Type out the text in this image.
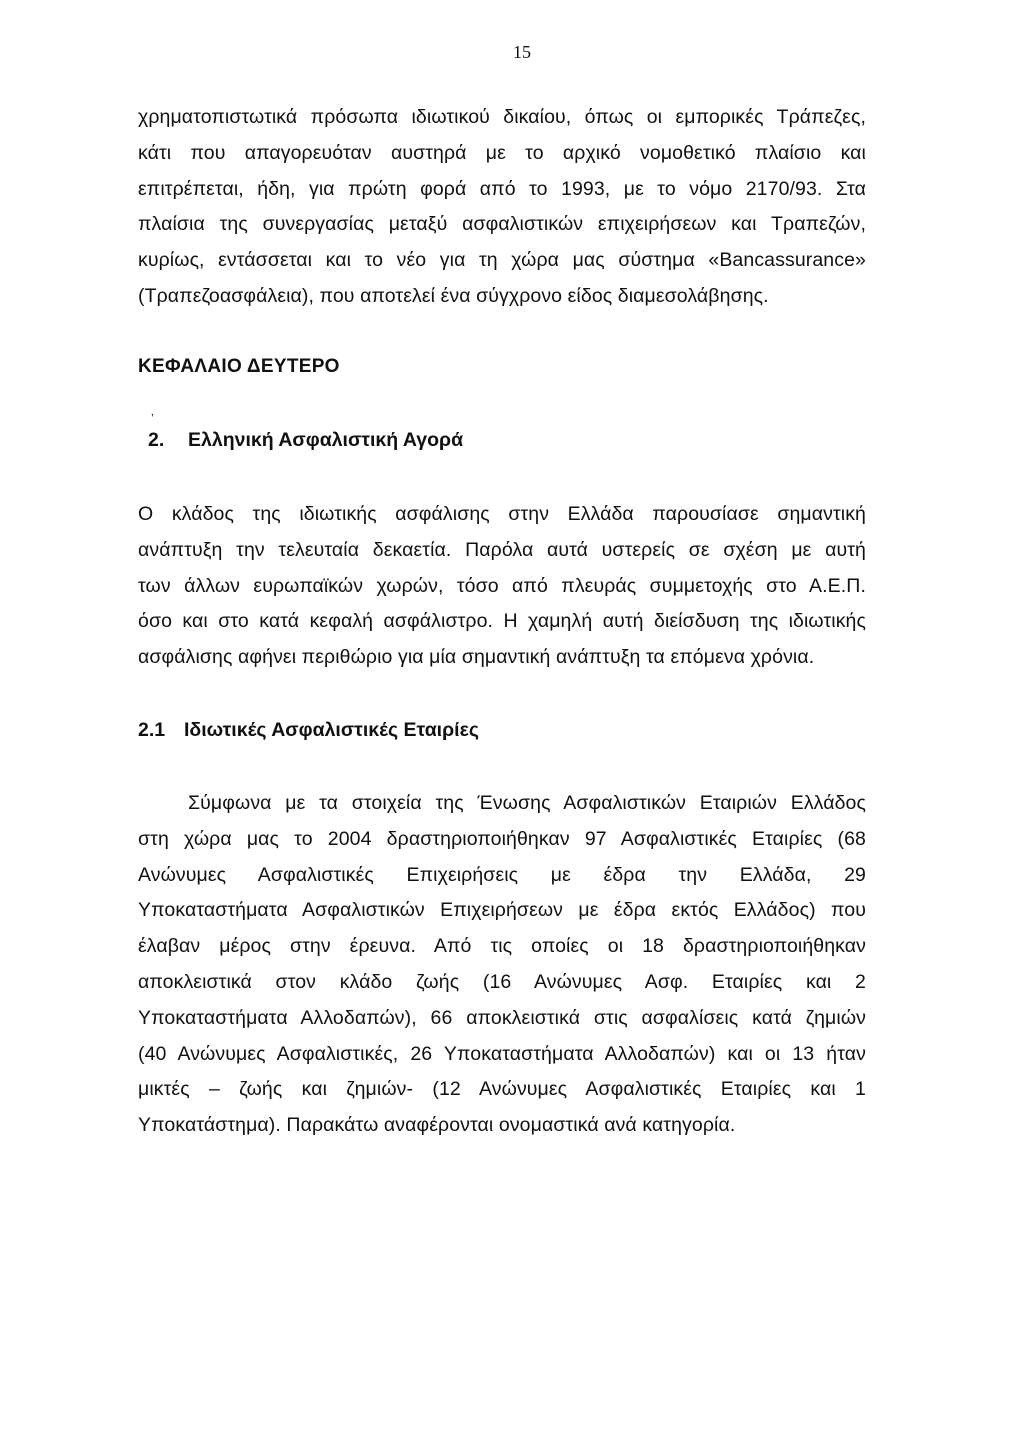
15
χρηματοπιστωτικά πρόσωπα ιδιωτικού δικαίου, όπως οι εμπορικές Τράπεζες,
κάτι που απαγορευόταν αυστηρά με το αρχικό νομοθετικό πλαίσιο και
επιτρέπεται, ήδη, για πρώτη φορά από το 1993, με το νόμο 2170/93. Στα
πλαίσια της συνεργασίας μεταξύ ασφαλιστικών επιχειρήσεων και Τραπεζών,
κυρίως, εντάσσεται και το νέο για τη χώρα μας σύστημα «Bancassurance»
(Τραπεζοασφάλεια), που αποτελεί ένα σύγχρονο είδος διαμεσολάβησης.
ΚΕΦΑΛΑΙΟ ΔΕΥΤΕΡΟ
‚
2. Ελληνική Ασφαλιστική Αγορά
Ο κλάδος της ιδιωτικής ασφάλισης στην Ελλάδα παρουσίασε σημαντική
ανάπτυξη την τελευταία δεκαετία. Παρόλα αυτά υστερείς σε σχέση με αυτή
των άλλων ευρωπαϊκών χωρών, τόσο από πλευράς συμμετοχής στο Α.Ε.Π.
όσο και στο κατά κεφαλή ασφάλιστρο. Η χαμηλή αυτή διείσδυση της ιδιωτικής
ασφάλισης αφήνει περιθώριο για μία σημαντική ανάπτυξη τα επόμενα χρόνια.
2.1 Ιδιωτικές Ασφαλιστικές Εταιρίες
Σύμφωνα με τα στοιχεία της Ένωσης Ασφαλιστικών Εταιριών Ελλάδος
στη χώρα μας το 2004 δραστηριοποιήθηκαν 97 Ασφαλιστικές Εταιρίες (68
Ανώνυμες Ασφαλιστικές Επιχειρήσεις με έδρα την Ελλάδα, 29
Υποκαταστήματα Ασφαλιστικών Επιχειρήσεων με έδρα εκτός Ελλάδος) που
έλαβαν μέρος στην έρευνα. Από τις οποίες οι 18 δραστηριοποιήθηκαν
αποκλειστικά στον κλάδο ζωής (16 Ανώνυμες Ασφ. Εταιρίες και 2
Υποκαταστήματα Αλλοδαπών), 66 αποκλειστικά στις ασφαλίσεις κατά ζημιών
(40 Ανώνυμες Ασφαλιστικές, 26 Υποκαταστήματα Αλλοδαπών) και οι 13 ήταν
μικτές – ζωής και ζημιών- (12 Ανώνυμες Ασφαλιστικές Εταιρίες και 1
Υποκατάστημα). Παρακάτω αναφέρονται ονομαστικά ανά κατηγορία.
